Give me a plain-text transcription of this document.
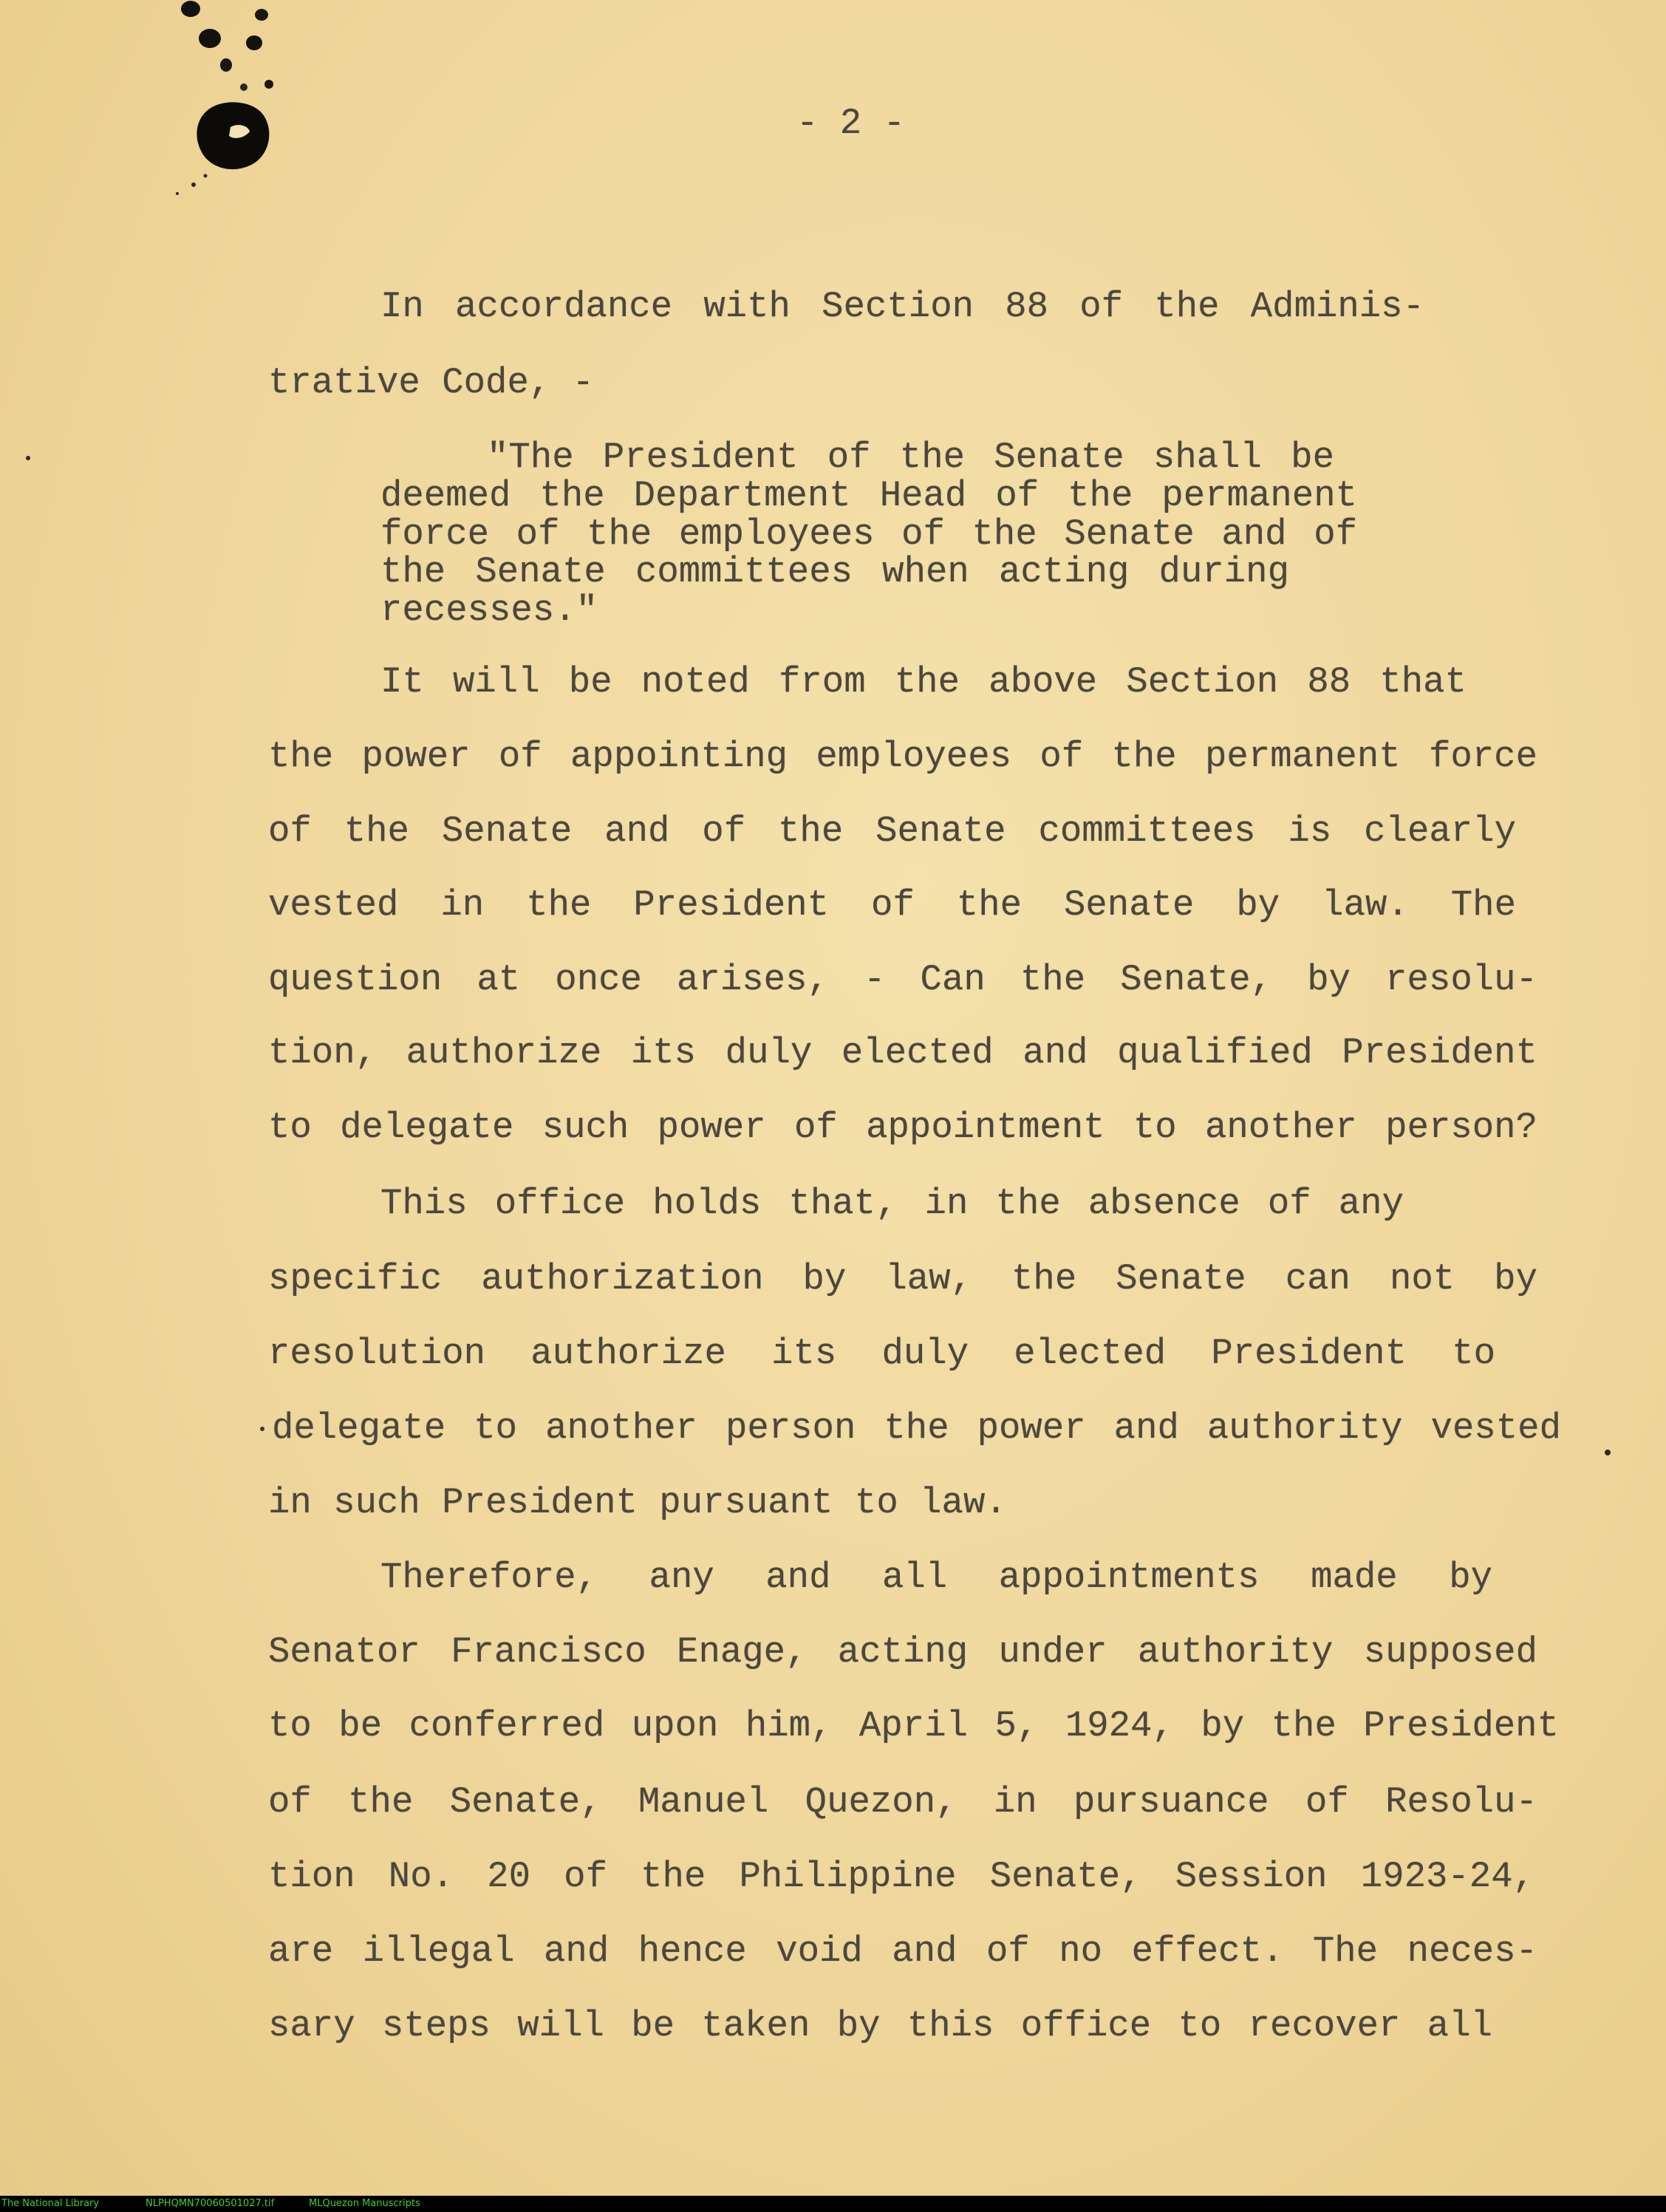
- 2 -
In accordance with Section 88 of the Adminis-
trative Code, -
"The President of the Senate shall be
deemed the Department Head of the permanent
force of the employees of the Senate and of
the Senate committees when acting during
recesses."
It will be noted from the above Section 88 that
the power of appointing employees of the permanent force
of the Senate and of the Senate committees is clearly
vested in the President of the Senate by law. The
question at once arises, - Can the Senate, by resolu-
tion, authorize its duly elected and qualified President
to delegate such power of appointment to another person?
This office holds that, in the absence of any
specific authorization by law, the Senate can not by
resolution authorize its duly elected President to
delegate to another person the power and authority vested
in such President pursuant to law.
Therefore, any and all appointments made by
Senator Francisco Enage, acting under authority supposed
to be conferred upon him, April 5, 1924, by the President
of the Senate, Manuel Quezon, in pursuance of Resolu-
tion No. 20 of the Philippine Senate, Session 1923-24,
are illegal and hence void and of no effect. The neces-
sary steps will be taken by this office to recover all
The National Library	NLPHQMN70060501027.tif	MLQuezon Manuscripts
